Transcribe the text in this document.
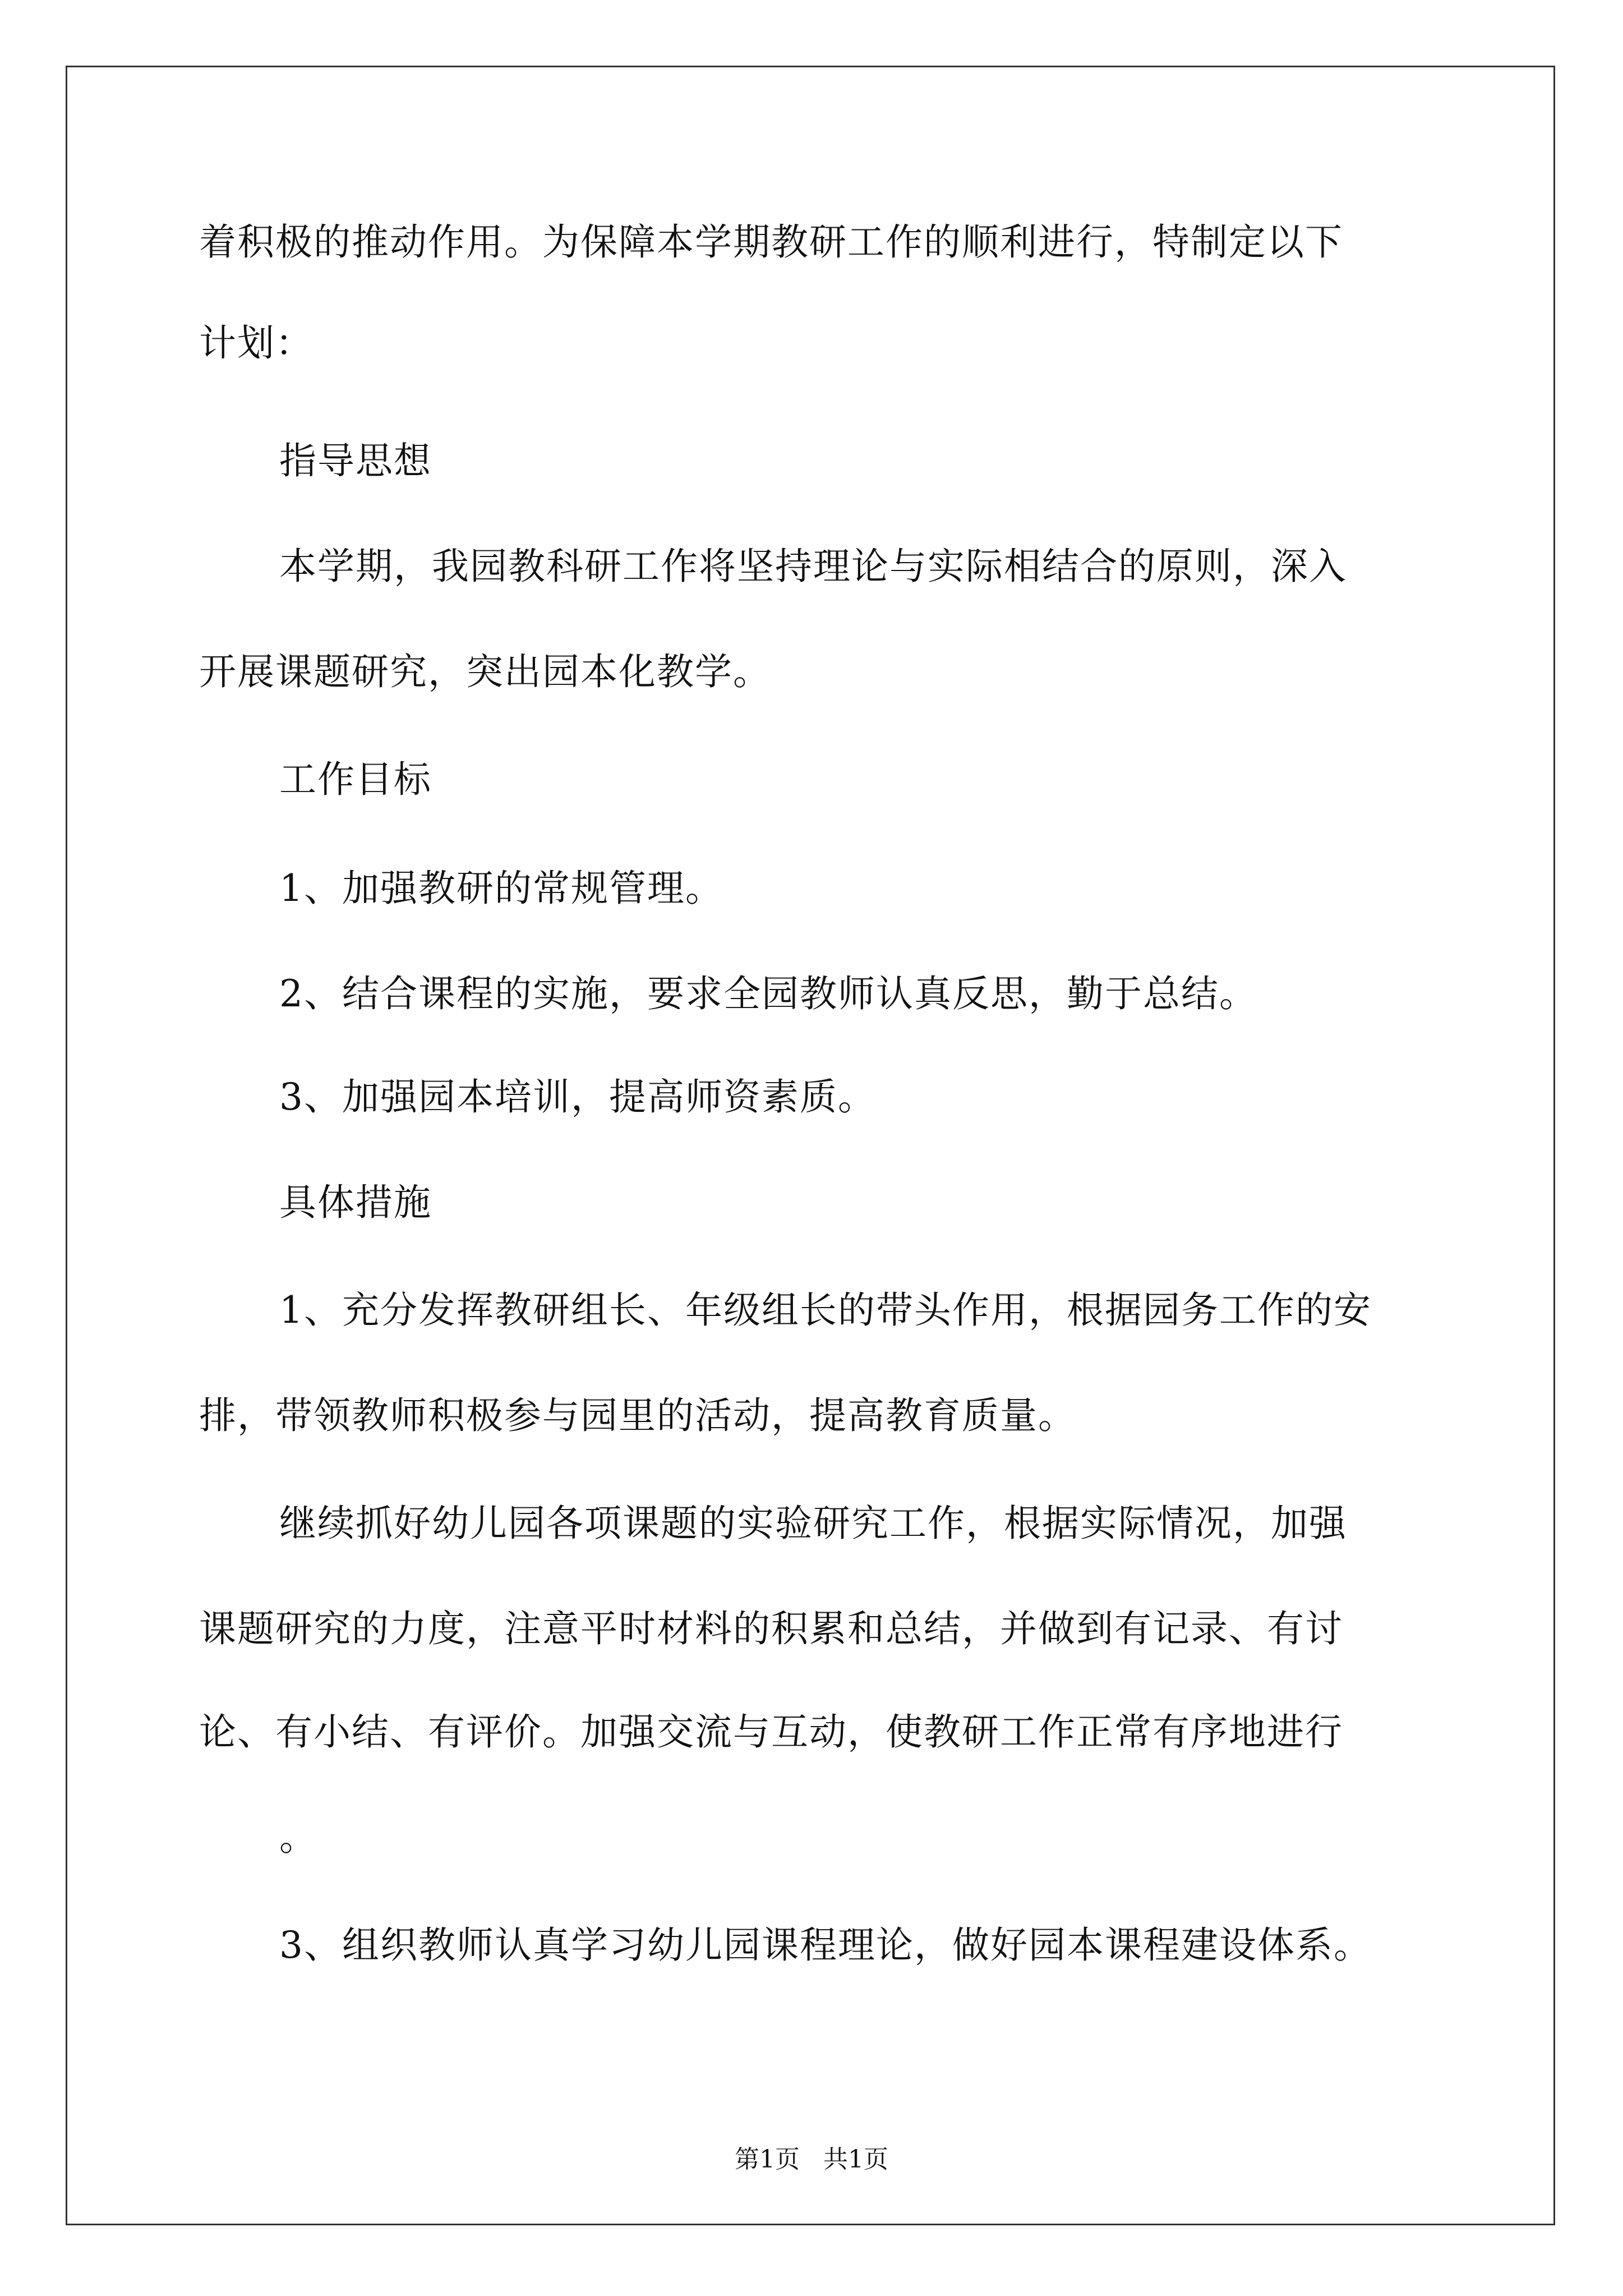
着积极的推动作用。为保障本学期教研工作的顺利进行，特制定以下
计划：
指导思想
本学期，我园教科研工作将坚持理论与实际相结合的原则，深入
开展课题研究，突出园本化教学。
工作目标
1、加强教研的常规管理。
2、结合课程的实施，要求全园教师认真反思，勤于总结。
3、加强园本培训，提高师资素质。
具体措施
1、充分发挥教研组长、年级组长的带头作用，根据园务工作的安
排，带领教师积极参与园里的活动，提高教育质量。
继续抓好幼儿园各项课题的实验研究工作，根据实际情况，加强
课题研究的力度，注意平时材料的积累和总结，并做到有记录、有讨
论、有小结、有评价。加强交流与互动，使教研工作正常有序地进行
。
3、组织教师认真学习幼儿园课程理论，做好园本课程建设体系。
第1页   共1页
